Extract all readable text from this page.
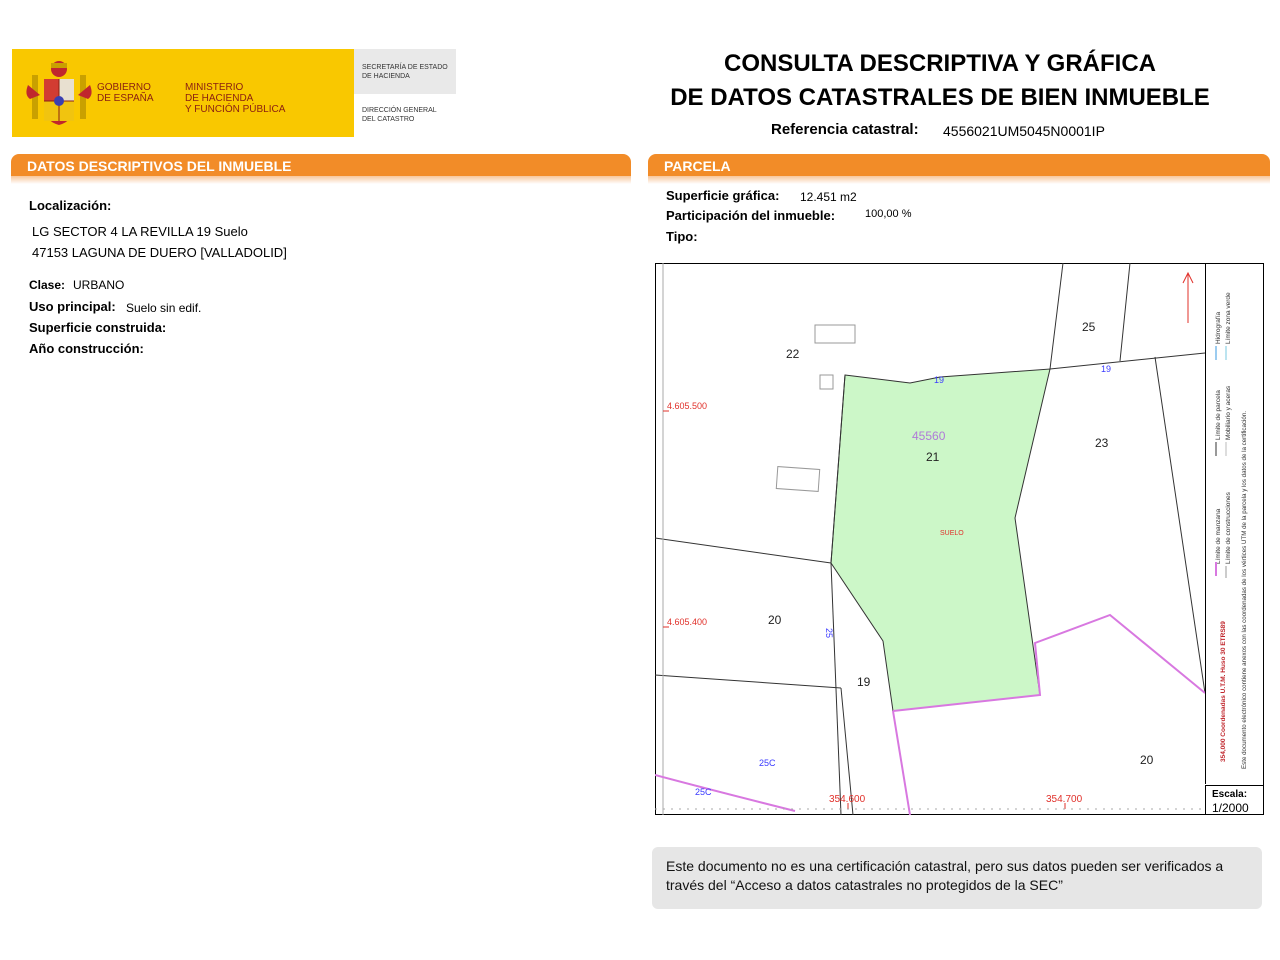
GOBIERNO
DE ESPAÑA
MINISTERIO
DE HACIENDA
Y FUNCIÓN PÚBLICA
SECRETARÍA DE ESTADO
DE HACIENDA
DIRECCIÓN GENERAL
DEL CATASTRO
CONSULTA DESCRIPTIVA Y GRÁFICA
DE DATOS CATASTRALES DE BIEN INMUEBLE
Referencia catastral: 4556021UM5045N0001IP
DATOS DESCRIPTIVOS DEL INMUEBLE
Localización:
LG SECTOR 4 LA REVILLA 19 Suelo
47153 LAGUNA DE DUERO [VALLADOLID]
Clase: URBANO
Uso principal: Suelo sin edif.
Superficie construida:
Año construcción:
PARCELA
Superficie gráfica: 12.451 m2
Participación del inmueble:	100,00 %
Tipo:
22
25
23
21
20
19
20
45560
SUELO
19
19
25C
25C
25
4.605.500
4.605.400
354.600	354.700
Límite de manzana
Límite de parcela
Hidrografía
Límite de construcciones
Mobiliario y aceras
Límite zona verde
354,000 Coordenadas U.T.M. Huso 30 ETRS89 Este documento electrónico contiene anexos con las coordenadas de los vértices UTM de la parcela y los datos de la certificación.
Escala:
1/2000
Este documento no es una certificación catastral, pero sus datos pueden ser verificados a través del “Acceso a datos catastrales no protegidos de la SEC”
